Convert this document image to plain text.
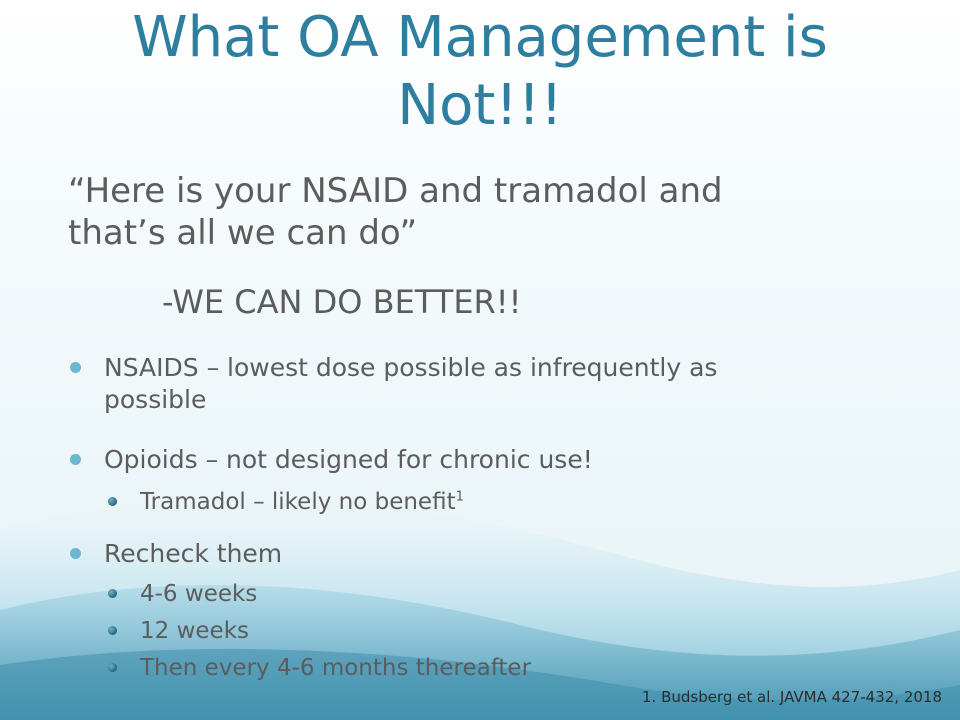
What OA Management is
Not!!!

“Here is your NSAID and tramadol and
that’s all we can do”

-WE CAN DO BETTER!!

NSAIDS – lowest dose possible as infrequently as
possible
Opioids – not designed for chronic use!
Tramadol – likely no benefit$^1$
Recheck them
4-6 weeks
12 weeks
Then every 4-6 months thereafter
1. Budsberg et al. JAVMA 427-432, 2018
